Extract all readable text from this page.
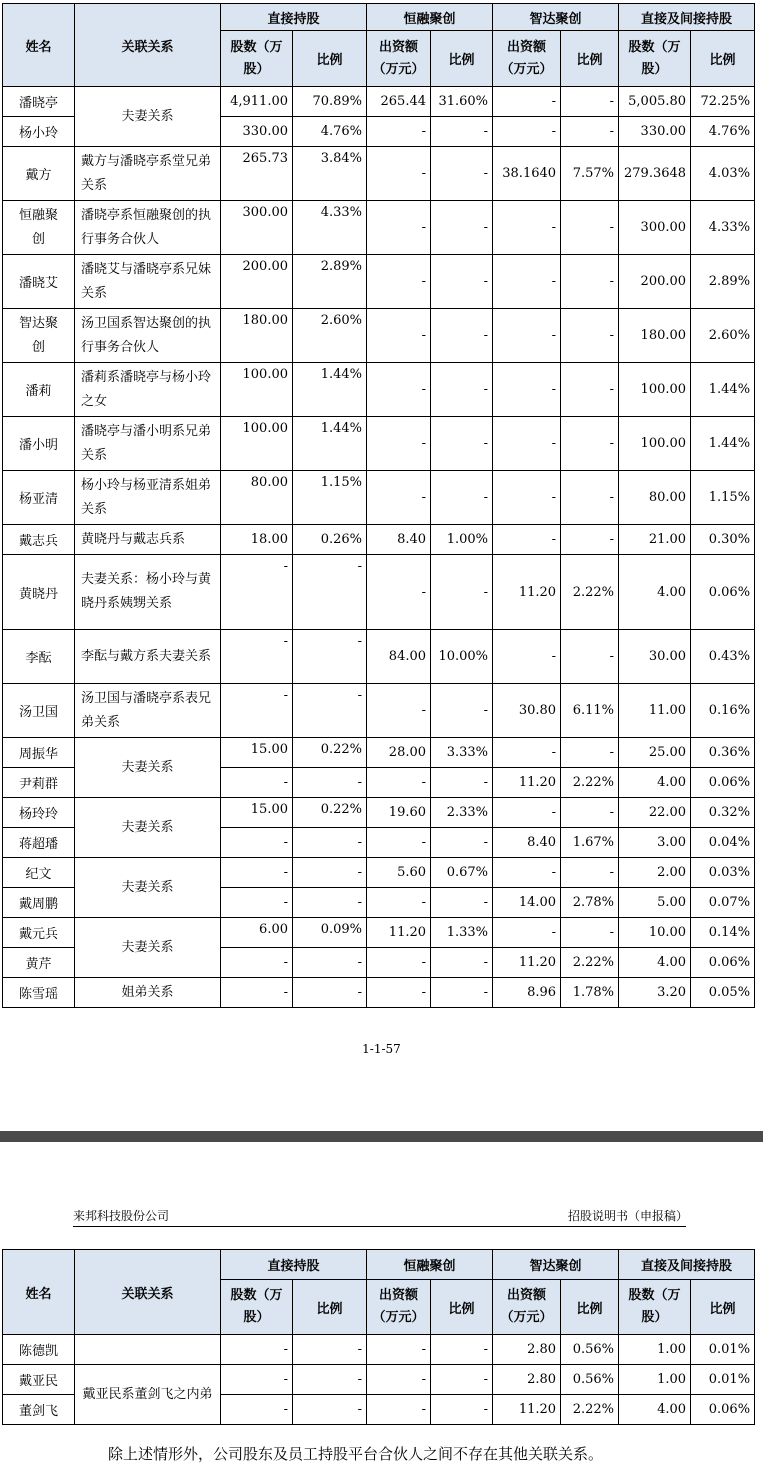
姓名	关联关系	直接持股		恒融聚创		智达聚创		直接及间接持股	
		股数（万股）	比例	出资额（万元）	比例	出资额（万元）	比例	股数（万股）	比例
潘晓亭	夫妻关系	4,911.00	70.89%	265.44	31.60%	-	-	5,005.80	72.25%
杨小玲		330.00	4.76%	-	-	-	-	330.00	4.76%
戴方	戴方与潘晓亭系堂兄弟关系	265.73	3.84%	-	-	38.1640	7.57%	279.3648	4.03%
恒融聚创	潘晓亭系恒融聚创的执行事务合伙人	300.00	4.33%	-	-	-	-	300.00	4.33%
潘晓艾	潘晓艾与潘晓亭系兄妹关系	200.00	2.89%	-	-	-	-	200.00	2.89%
智达聚创	汤卫国系智达聚创的执行事务合伙人	180.00	2.60%	-	-	-	-	180.00	2.60%
潘莉	潘莉系潘晓亭与杨小玲之女	100.00	1.44%	-	-	-	-	100.00	1.44%
潘小明	潘晓亭与潘小明系兄弟关系	100.00	1.44%	-	-	-	-	100.00	1.44%
杨亚清	杨小玲与杨亚清系姐弟关系	80.00	1.15%	-	-	-	-	80.00	1.15%
戴志兵	黄晓丹与戴志兵系	18.00	0.26%	8.40	1.00%	-	-	21.00	0.30%
黄晓丹	夫妻关系：杨小玲与黄晓丹系姨甥关系	-	-	-	-	11.20	2.22%	4.00	0.06%
李酝	李酝与戴方系夫妻关系	-	-	84.00	10.00%	-	-	30.00	0.43%
汤卫国	汤卫国与潘晓亭系表兄弟关系	-	-	-	-	30.80	6.11%	11.00	0.16%
周振华	夫妻关系	15.00	0.22%	28.00	3.33%	-	-	25.00	0.36%
尹莉群		-	-	-	-	11.20	2.22%	4.00	0.06%
杨玲玲	夫妻关系	15.00	0.22%	19.60	2.33%	-	-	22.00	0.32%
蒋超璠		-	-	-	-	8.40	1.67%	3.00	0.04%
纪文	夫妻关系	-	-	5.60	0.67%	-	-	2.00	0.03%
戴周鹏		-	-	-	-	14.00	2.78%	5.00	0.07%
戴元兵	夫妻关系	6.00	0.09%	11.20	1.33%	-	-	10.00	0.14%
黄芹		-	-	-	-	11.20	2.22%	4.00	0.06%
陈雪瑶	姐弟关系	-	-	-	-	8.96	1.78%	3.20	0.05%
1-1-57
来邦科技股份公司	招股说明书（申报稿）
姓名	关联关系	直接持股		恒融聚创		智达聚创		直接及间接持股	
		股数（万股）	比例	出资额（万元）	比例	出资额（万元）	比例	股数（万股）	比例
陈德凯		-	-	-	-	2.80	0.56%	1.00	0.01%
戴亚民	戴亚民系董剑飞之内弟	-	-	-	-	2.80	0.56%	1.00	0.01%
董剑飞		-	-	-	-	11.20	2.22%	4.00	0.06%
除上述情形外，公司股东及员工持股平台合伙人之间不存在其他关联关系。
